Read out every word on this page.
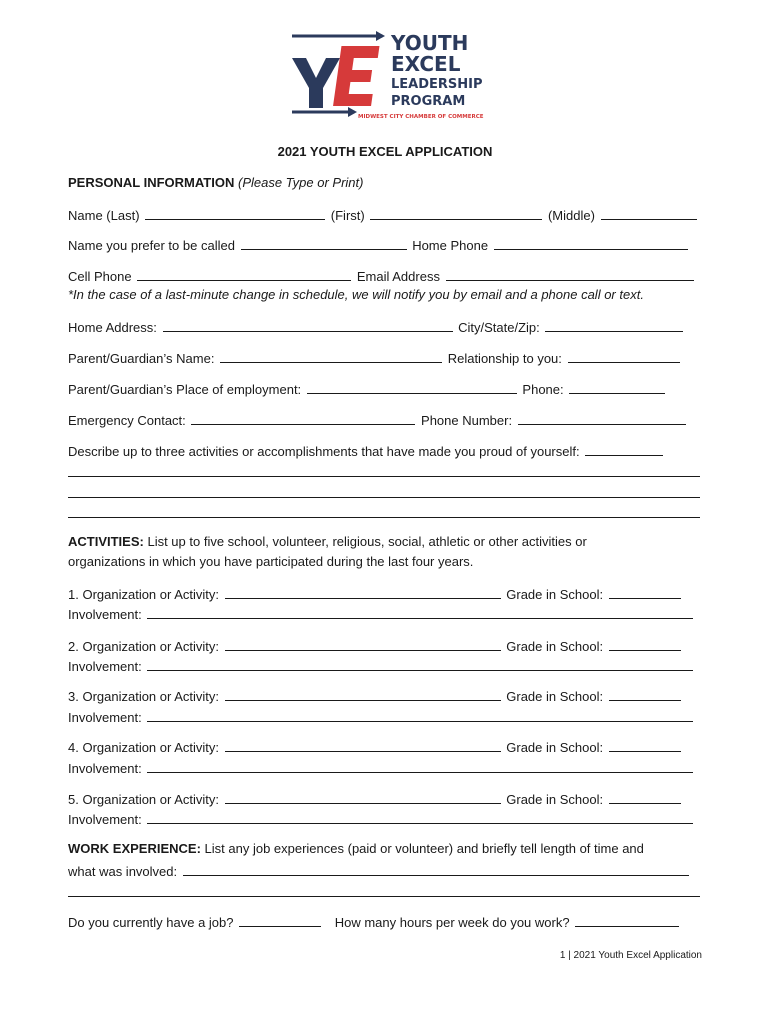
YOUTH
EXCEL
LEADERSHIP
PROGRAM
MIDWEST CITY CHAMBER OF COMMERCE
2021 YOUTH EXCEL APPLICATION
PERSONAL INFORMATION (Please Type or Print)
Name (Last)	(First)	(Middle)
Name you prefer to be called	Home Phone
Cell Phone	Email Address
*In the case of a last-minute change in schedule, we will notify you by email and a phone call or text.
Home Address:	City/State/Zip:
Parent/Guardian’s Name:	Relationship to you:
Parent/Guardian’s Place of employment:	Phone:
Emergency Contact:	Phone Number:
Describe up to three activities or accomplishments that have made you proud of yourself:
ACTIVITIES: List up to five school, volunteer, religious, social, athletic or other activities or
organizations in which you have participated during the last four years.
1. Organization or Activity:	Grade in School:
Involvement:
2. Organization or Activity:	Grade in School:
Involvement:
3. Organization or Activity:	Grade in School:
Involvement:
4. Organization or Activity:	Grade in School:
Involvement:
5. Organization or Activity:	Grade in School:
Involvement:
WORK EXPERIENCE: List any job experiences (paid or volunteer) and briefly tell length of time and
what was involved:
Do you currently have a job?	How many hours per week do you work?
1 | 2021 Youth Excel Application
